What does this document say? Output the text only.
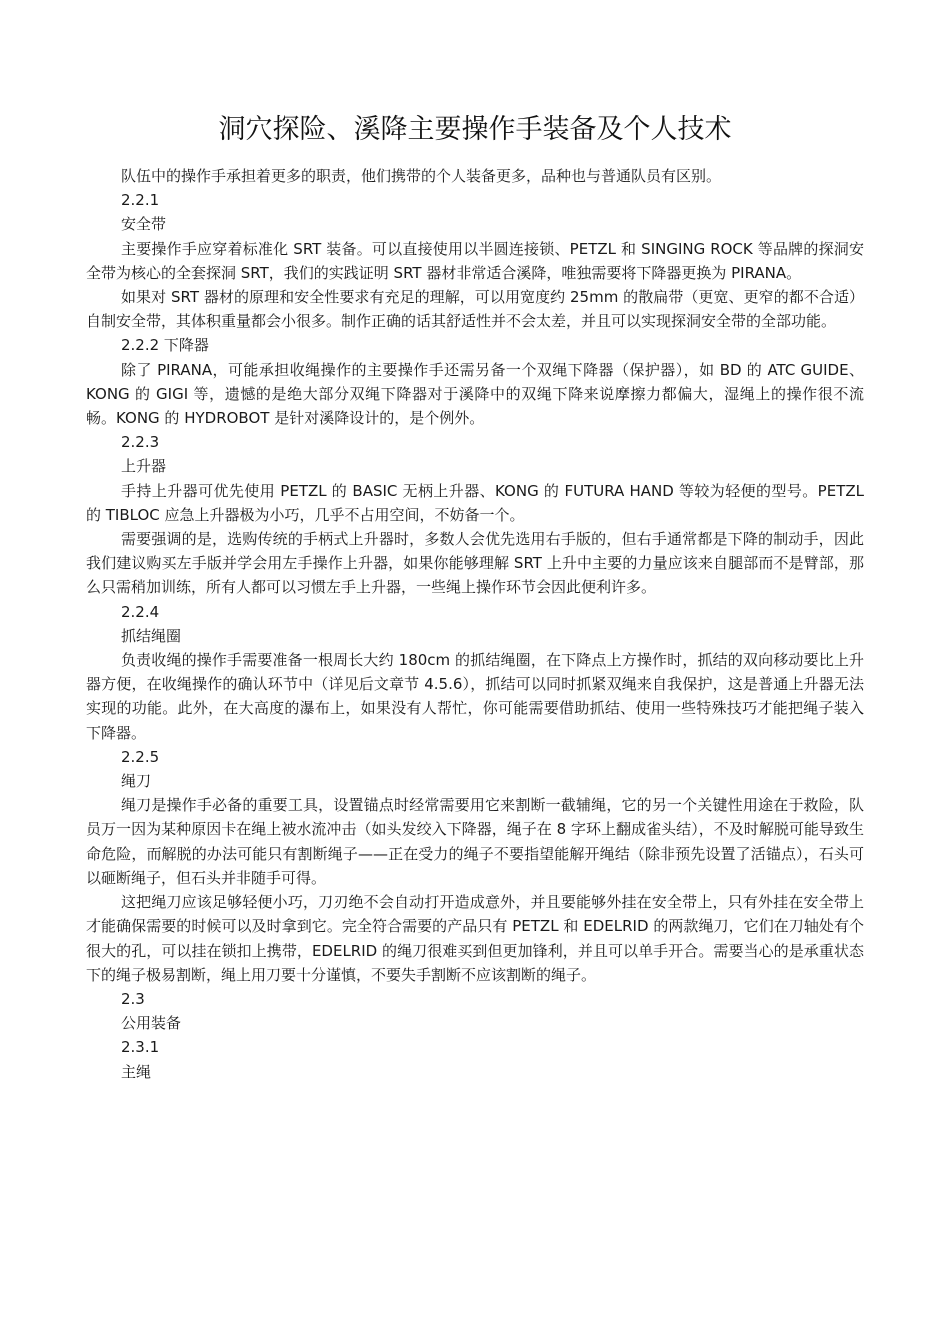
洞穴探险、溪降主要操作手装备及个人技术

队伍中的操作手承担着更多的职责，他们携带的个人装备更多，品种也与普通队员有区别。

2.2.1
安全带

主要操作手应穿着标准化 SRT 装备。可以直接使用以半圆连接锁、PETZL 和 SINGING ROCK 等品牌的探洞安全带为核心的全套探洞 SRT，我们的实践证明 SRT 器材非常适合溪降，唯独需要将下降器更换为 PIRANA。

如果对 SRT 器材的原理和安全性要求有充足的理解，可以用宽度约 25mm 的散扁带（更宽、更窄的都不合适）自制安全带，其体积重量都会小很多。制作正确的话其舒适性并不会太差，并且可以实现探洞安全带的全部功能。

2.2.2 下降器

除了 PIRANA，可能承担收绳操作的主要操作手还需另备一个双绳下降器（保护器），如 BD 的 ATC GUIDE、KONG 的 GIGI 等，遗憾的是绝大部分双绳下降器对于溪降中的双绳下降来说摩擦力都偏大，湿绳上的操作很不流畅。KONG 的 HYDROBOT 是针对溪降设计的，是个例外。

2.2.3
上升器

手持上升器可优先使用 PETZL 的 BASIC 无柄上升器、KONG 的 FUTURA HAND 等较为轻便的型号。PETZL 的 TIBLOC 应急上升器极为小巧，几乎不占用空间，不妨备一个。

需要强调的是，选购传统的手柄式上升器时，多数人会优先选用右手版的，但右手通常都是下降的制动手，因此我们建议购买左手版并学会用左手操作上升器，如果你能够理解 SRT 上升中主要的力量应该来自腿部而不是臂部，那么只需稍加训练，所有人都可以习惯左手上升器，一些绳上操作环节会因此便利许多。

2.2.4
抓结绳圈

负责收绳的操作手需要准备一根周长大约 180cm 的抓结绳圈，在下降点上方操作时，抓结的双向移动要比上升器方便，在收绳操作的确认环节中（详见后文章节 4.5.6），抓结可以同时抓紧双绳来自我保护，这是普通上升器无法实现的功能。此外，在大高度的瀑布上，如果没有人帮忙，你可能需要借助抓结、使用一些特殊技巧才能把绳子装入下降器。

2.2.5
绳刀

绳刀是操作手必备的重要工具，设置锚点时经常需要用它来割断一截辅绳，它的另一个关键性用途在于救险，队员万一因为某种原因卡在绳上被水流冲击（如头发绞入下降器，绳子在 8 字环上翻成雀头结），不及时解脱可能导致生命危险，而解脱的办法可能只有割断绳子——正在受力的绳子不要指望能解开绳结（除非预先设置了活锚点），石头可以砸断绳子，但石头并非随手可得。

这把绳刀应该足够轻便小巧，刀刃绝不会自动打开造成意外，并且要能够外挂在安全带上，只有外挂在安全带上才能确保需要的时候可以及时拿到它。完全符合需要的产品只有 PETZL 和 EDELRID 的两款绳刀，它们在刀轴处有个很大的孔，可以挂在锁扣上携带，EDELRID 的绳刀很难买到但更加锋利，并且可以单手开合。需要当心的是承重状态下的绳子极易割断，绳上用刀要十分谨慎，不要失手割断不应该割断的绳子。

2.3
公用装备
2.3.1
主绳
